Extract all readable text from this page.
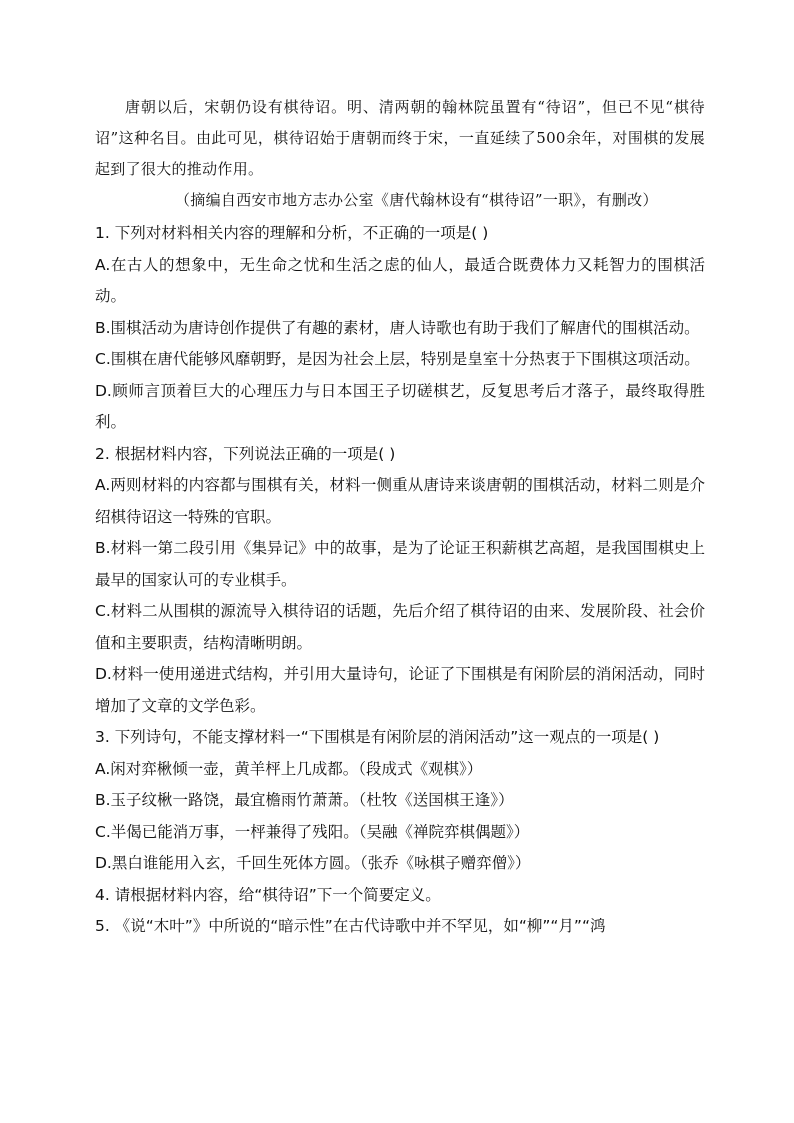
唐朝以后，宋朝仍设有棋待诏。明、清两朝的翰林院虽置有“待诏”，但已不见“棋待诏”这种名目。由此可见，棋待诏始于唐朝而终于宋，一直延续了500余年，对围棋的发展起到了很大的推动作用。

（摘编自西安市地方志办公室《唐代翰林设有“棋待诏”一职》，有删改）

1. 下列对材料相关内容的理解和分析，不正确的一项是( )

A.在古人的想象中，无生命之忧和生活之虑的仙人，最适合既费体力又耗智力的围棋活动。

B.围棋活动为唐诗创作提供了有趣的素材，唐人诗歌也有助于我们了解唐代的围棋活动。

C.围棋在唐代能够风靡朝野，是因为社会上层，特别是皇室十分热衷于下围棋这项活动。

D.顾师言顶着巨大的心理压力与日本国王子切磋棋艺，反复思考后才落子，最终取得胜利。

2. 根据材料内容，下列说法正确的一项是( )

A.两则材料的内容都与围棋有关，材料一侧重从唐诗来谈唐朝的围棋活动，材料二则是介绍棋待诏这一特殊的官职。

B.材料一第二段引用《集异记》中的故事，是为了论证王积薪棋艺高超，是我国围棋史上最早的国家认可的专业棋手。

C.材料二从围棋的源流导入棋待诏的话题，先后介绍了棋待诏的由来、发展阶段、社会价值和主要职责，结构清晰明朗。

D.材料一使用递进式结构，并引用大量诗句，论证了下围棋是有闲阶层的消闲活动，同时增加了文章的文学色彩。

3. 下列诗句，不能支撑材料一“下围棋是有闲阶层的消闲活动”这一观点的一项是( )

A.闲对弈楸倾一壶，黄羊枰上几成都。（段成式《观棋》）

B.玉子纹楸一路饶，最宜檐雨竹萧萧。（杜牧《送国棋王逢》）

C.半偈已能消万事，一枰兼得了残阳。（吴融《禅院弈棋偶题》）

D.黑白谁能用入玄，千回生死体方圆。（张乔《咏棋子赠弈僧》）

4. 请根据材料内容，给“棋待诏”下一个简要定义。

5. 《说“木叶”》中所说的“暗示性”在古代诗歌中并不罕见，如“柳”“月”“鸿
